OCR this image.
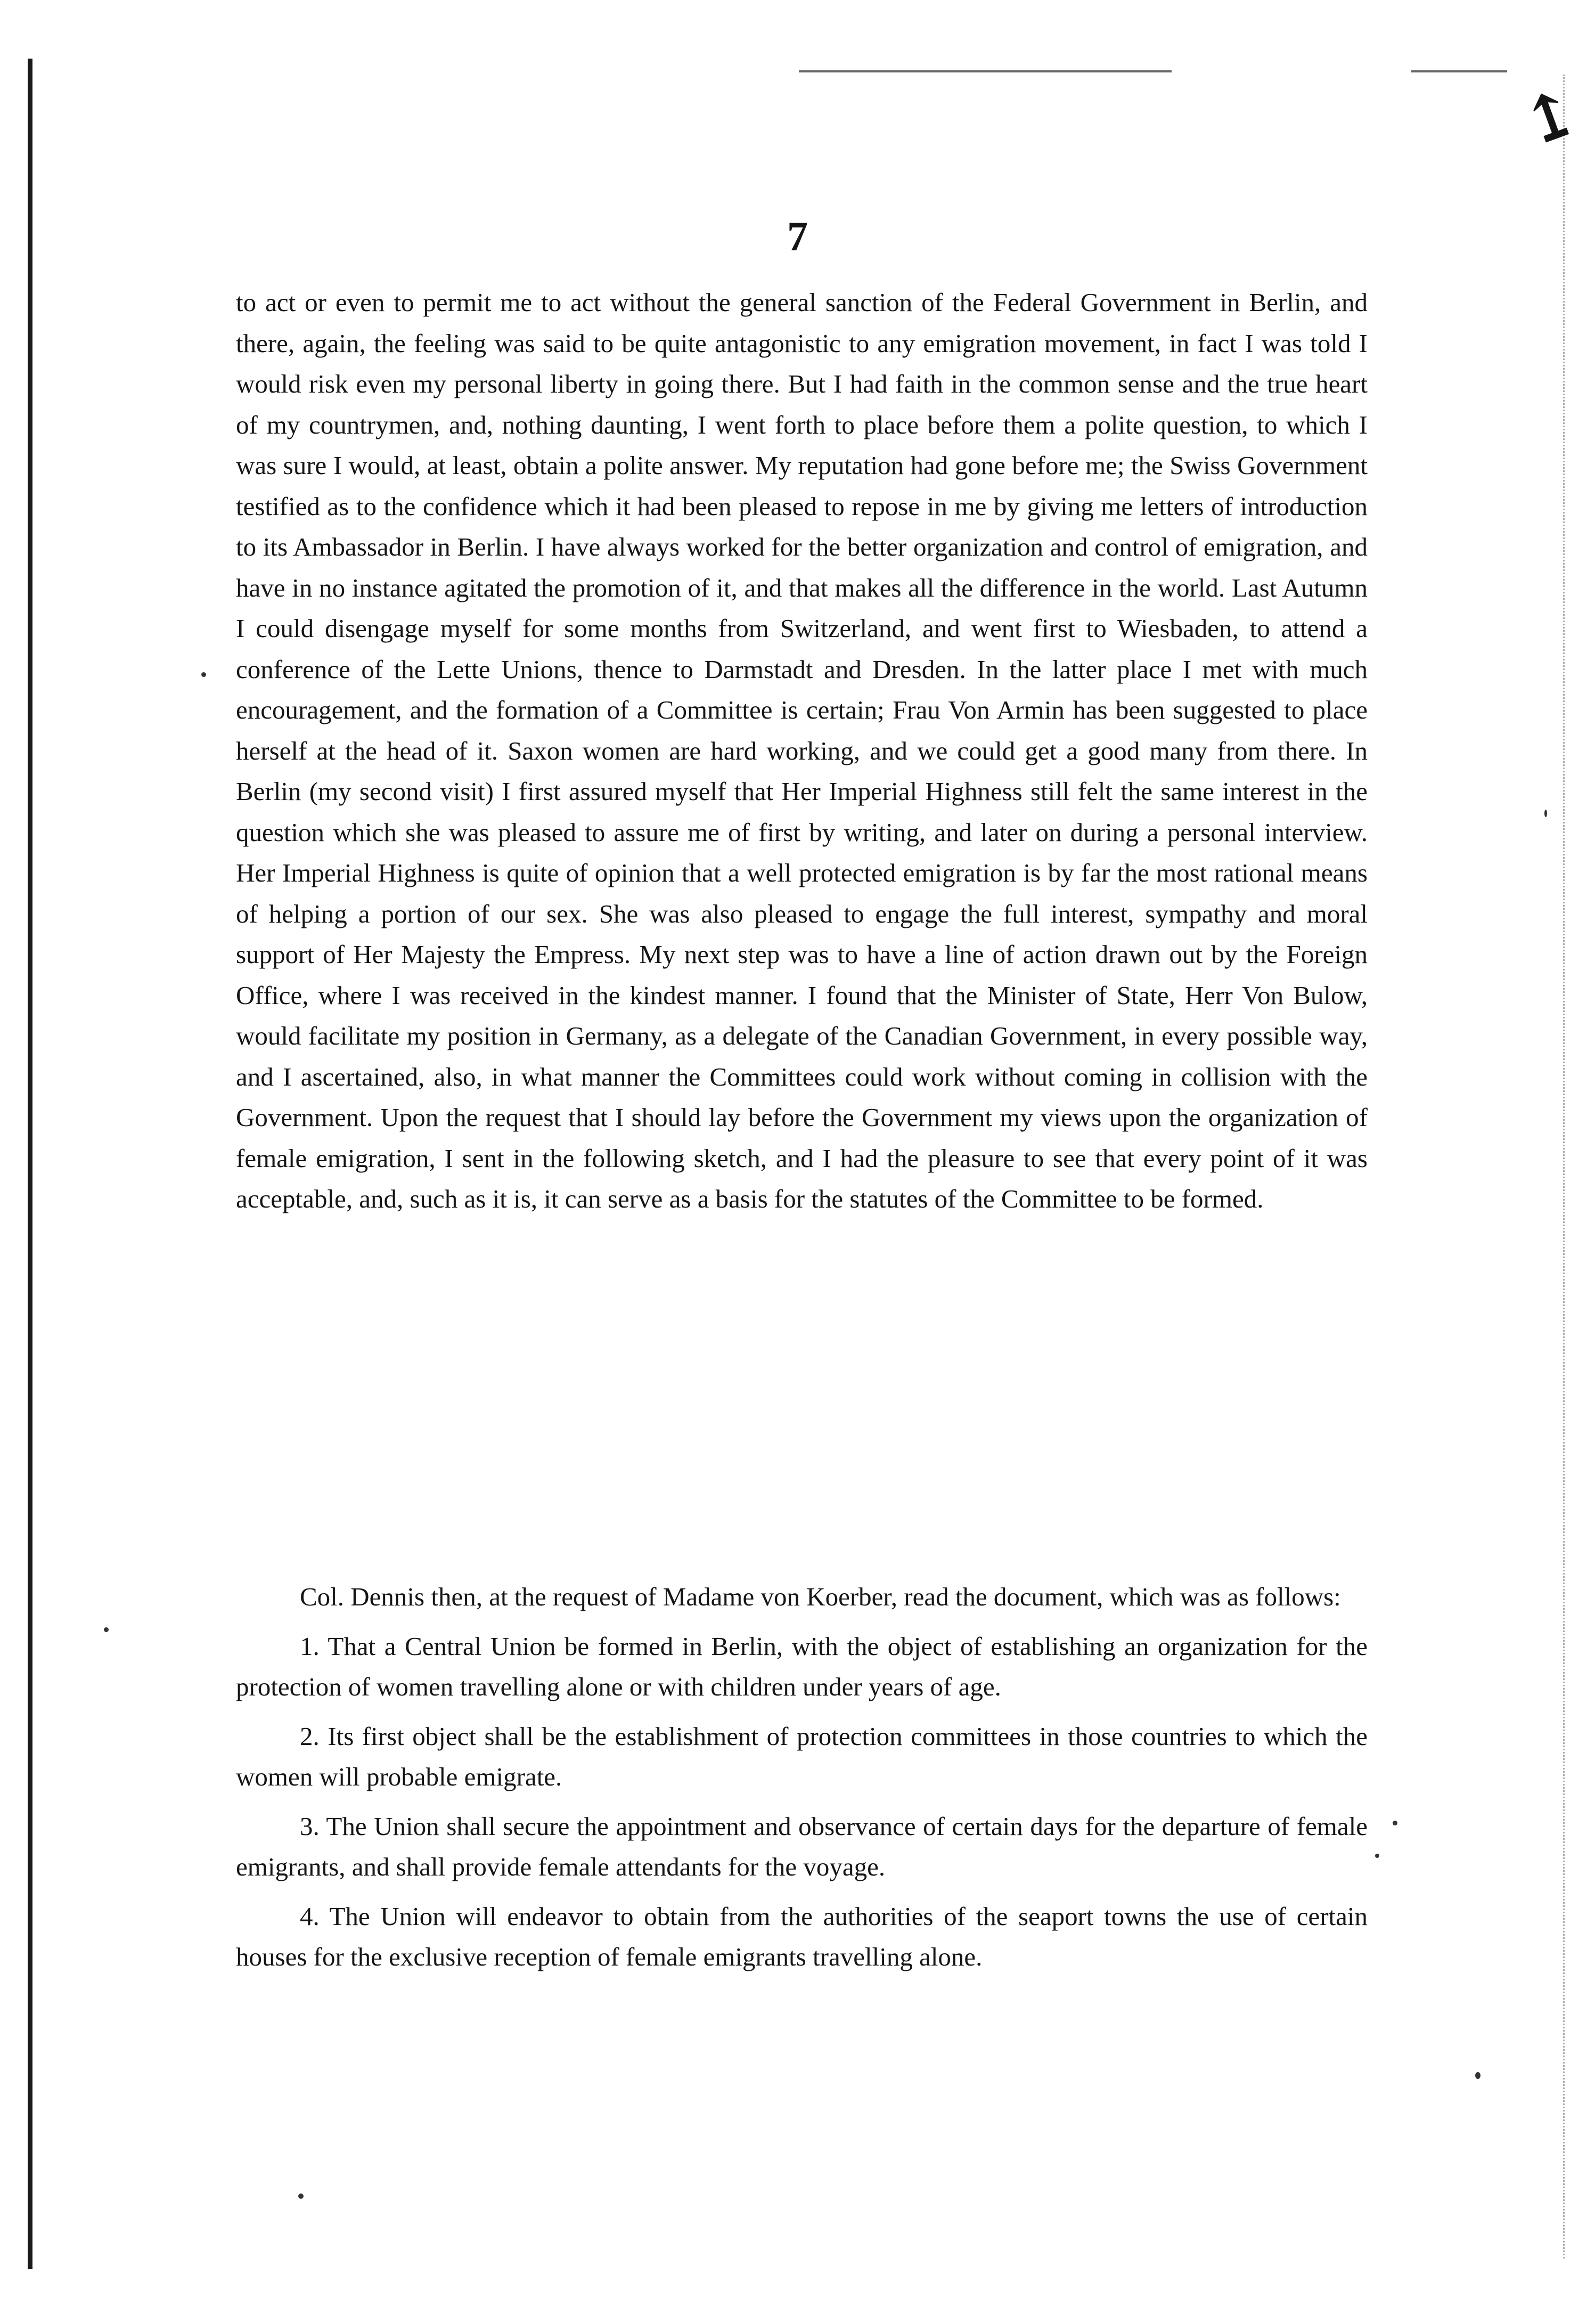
↥
7
to act or even to permit me to act without the general sanction of the Federal Government in Berlin, and there, again, the feeling was said to be quite antagonistic to any emigration movement, in fact I was told I would risk even my personal liberty in going there. But I had faith in the common sense and the true heart of my countrymen, and, nothing daunting, I went forth to place before them a polite question, to which I was sure I would, at least, obtain a polite answer. My reputation had gone before me; the Swiss Government testified as to the confidence which it had been pleased to repose in me by giving me letters of introduction to its Ambassador in Berlin. I have always worked for the better organization and control of emigration, and have in no instance agitated the promotion of it, and that makes all the difference in the world. Last Autumn I could disengage myself for some months from Switzerland, and went first to Wiesbaden, to attend a conference of the Lette Unions, thence to Darmstadt and Dresden. In the latter place I met with much encouragement, and the formation of a Committee is certain; Frau Von Armin has been suggested to place herself at the head of it. Saxon women are hard working, and we could get a good many from there. In Berlin (my second visit) I first assured myself that Her Imperial Highness still felt the same interest in the question which she was pleased to assure me of first by writing, and later on during a personal interview. Her Imperial Highness is quite of opinion that a well protected emigration is by far the most rational means of helping a portion of our sex. She was also pleased to engage the full interest, sympathy and moral support of Her Majesty the Empress. My next step was to have a line of action drawn out by the Foreign Office, where I was received in the kindest manner. I found that the Minister of State, Herr Von Bulow, would facilitate my position in Germany, as a delegate of the Canadian Government, in every possible way, and I ascertained, also, in what manner the Committees could work without coming in collision with the Government. Upon the request that I should lay before the Government my views upon the organization of female emigration, I sent in the following sketch, and I had the pleasure to see that every point of it was acceptable, and, such as it is, it can serve as a basis for the statutes of the Committee to be formed.

Col. Dennis then, at the request of Madame von Koerber, read the document, which was as follows:

1. That a Central Union be formed in Berlin, with the object of establishing an organization for the protection of women travelling alone or with children under years of age.

2. Its first object shall be the establishment of protection committees in those countries to which the women will probable emigrate.

3. The Union shall secure the appointment and observance of certain days for the departure of female emigrants, and shall provide female attendants for the voyage.

4. The Union will endeavor to obtain from the authorities of the seaport towns the use of certain houses for the exclusive reception of female emigrants travelling alone.
